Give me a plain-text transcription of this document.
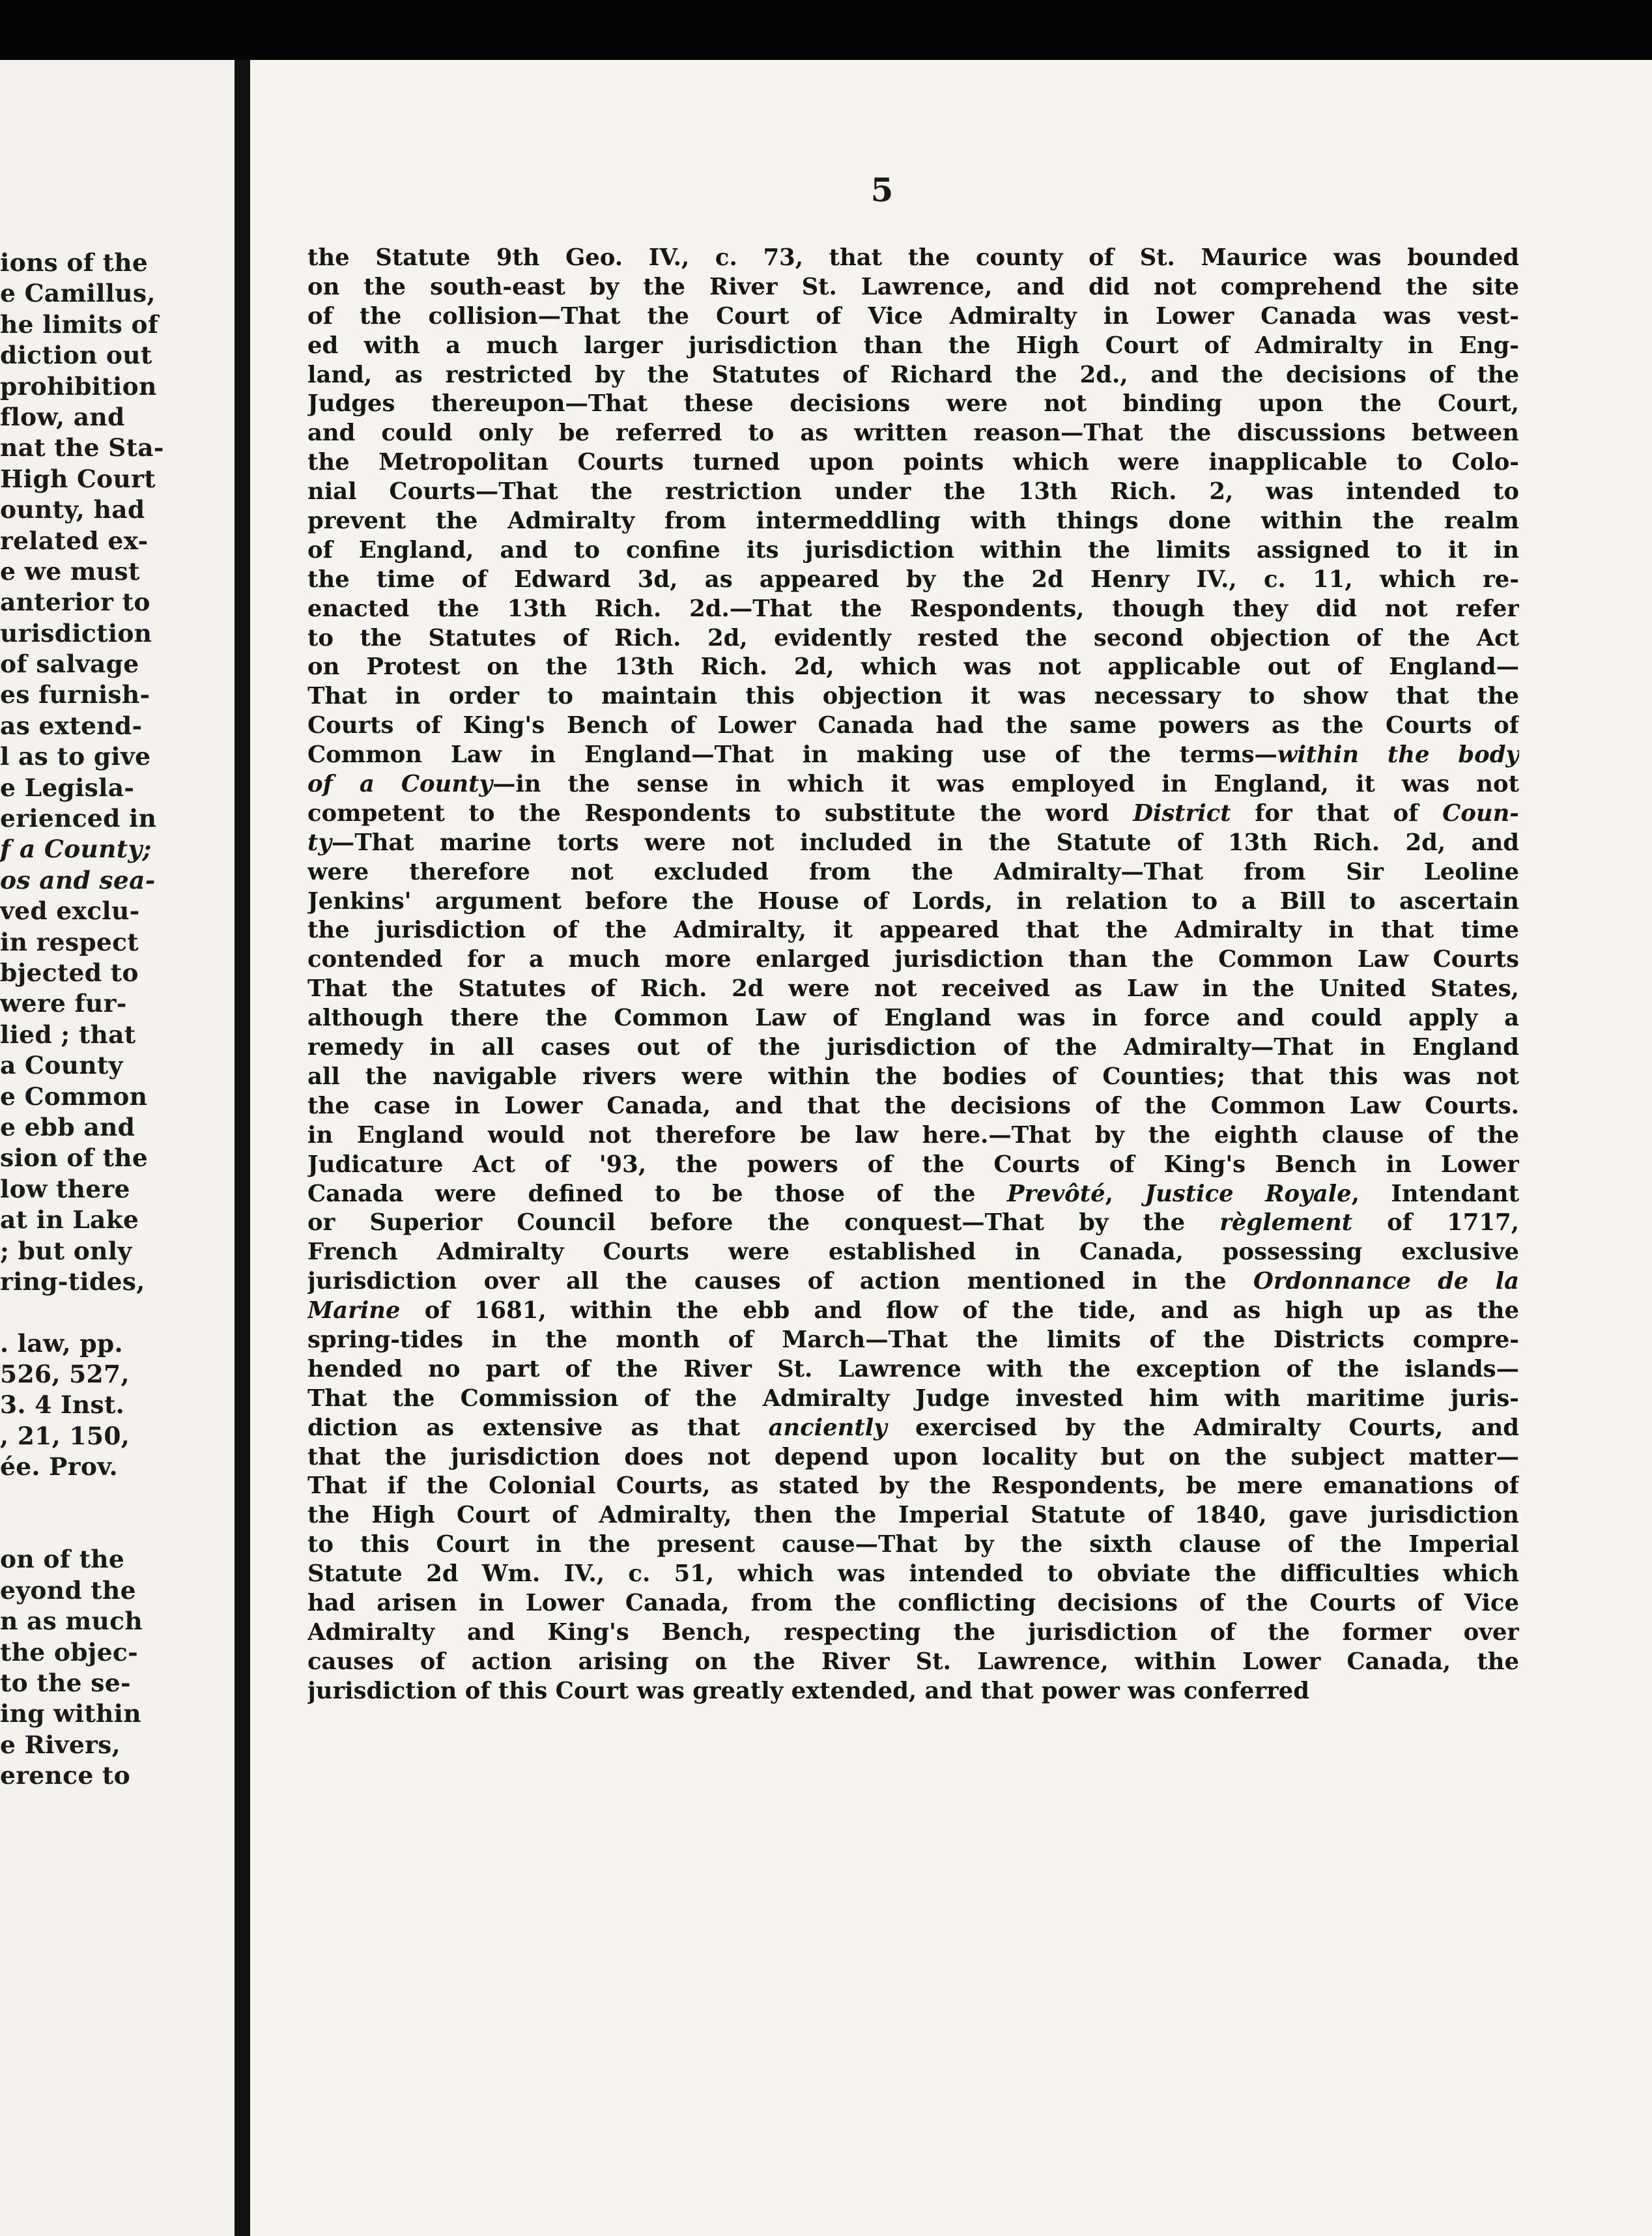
ions of the
e Camillus,
he limits of
diction out
prohibition
flow, and
nat the Sta-
High Court
ounty, had
related ex-
e we must
anterior to
urisdiction
of salvage
es furnish-
as extend-
l as to give
e Legisla-
erienced in
f a County;
os and sea-
ved exclu-
in respect
bjected to
were fur-
lied ; that
a County
e Common
e ebb and
sion of the
low there
at in Lake
; but only
ring-tides,
. law, pp.
526, 527,
3. 4 Inst.
, 21, 150,
ée. Prov.
on of the
eyond the
n as much
the objec-
to the se-
ing within
e Rivers,
erence to
5
the Statute 9th Geo. IV., c. 73, that the county of St. Maurice was bounded
on the south-east by the River St. Lawrence, and did not comprehend the site
of the collision—That the Court of Vice Admiralty in Lower Canada was vest-
ed with a much larger jurisdiction than the High Court of Admiralty in Eng-
land, as restricted by the Statutes of Richard the 2d., and the decisions of the
Judges thereupon—That these decisions were not binding upon the Court,
and could only be referred to as written reason—That the discussions between
the Metropolitan Courts turned upon points which were inapplicable to Colo-
nial Courts—That the restriction under the 13th Rich. 2, was intended to
prevent the Admiralty from intermeddling with things done within the realm
of England, and to confine its jurisdiction within the limits assigned to it in
the time of Edward 3d, as appeared by the 2d Henry IV., c. 11, which re-
enacted the 13th Rich. 2d.—That the Respondents, though they did not refer
to the Statutes of Rich. 2d, evidently rested the second objection of the Act
on Protest on the 13th Rich. 2d, which was not applicable out of England—
That in order to maintain this objection it was necessary to show that the
Courts of King's Bench of Lower Canada had the same powers as the Courts of
Common Law in England—That in making use of the terms—within the body
of a County—in the sense in which it was employed in England, it was not
competent to the Respondents to substitute the word District for that of Coun-
ty—That marine torts were not included in the Statute of 13th Rich. 2d, and
were therefore not excluded from the Admiralty—That from Sir Leoline
Jenkins' argument before the House of Lords, in relation to a Bill to ascertain
the jurisdiction of the Admiralty, it appeared that the Admiralty in that time
contended for a much more enlarged jurisdiction than the Common Law Courts
That the Statutes of Rich. 2d were not received as Law in the United States,
although there the Common Law of England was in force and could apply a
remedy in all cases out of the jurisdiction of the Admiralty—That in England
all the navigable rivers were within the bodies of Counties; that this was not
the case in Lower Canada, and that the decisions of the Common Law Courts.
in England would not therefore be law here.—That by the eighth clause of the
Judicature Act of '93, the powers of the Courts of King's Bench in Lower
Canada were defined to be those of the Prevôté, Justice Royale, Intendant
or Superior Council before the conquest—That by the règlement of 1717,
French Admiralty Courts were established in Canada, possessing exclusive
jurisdiction over all the causes of action mentioned in the Ordonnance de la
Marine of 1681, within the ebb and flow of the tide, and as high up as the
spring-tides in the month of March—That the limits of the Districts compre-
hended no part of the River St. Lawrence with the exception of the islands—
That the Commission of the Admiralty Judge invested him with maritime juris-
diction as extensive as that anciently exercised by the Admiralty Courts, and
that the jurisdiction does not depend upon locality but on the subject matter—
That if the Colonial Courts, as stated by the Respondents, be mere emanations of
the High Court of Admiralty, then the Imperial Statute of 1840, gave jurisdiction
to this Court in the present cause—That by the sixth clause of the Imperial
Statute 2d Wm. IV., c. 51, which was intended to obviate the difficulties which
had arisen in Lower Canada, from the conflicting decisions of the Courts of Vice
Admiralty and King's Bench, respecting the jurisdiction of the former over
causes of action arising on the River St. Lawrence, within Lower Canada, the
jurisdiction of this Court was greatly extended, and that power was conferred
